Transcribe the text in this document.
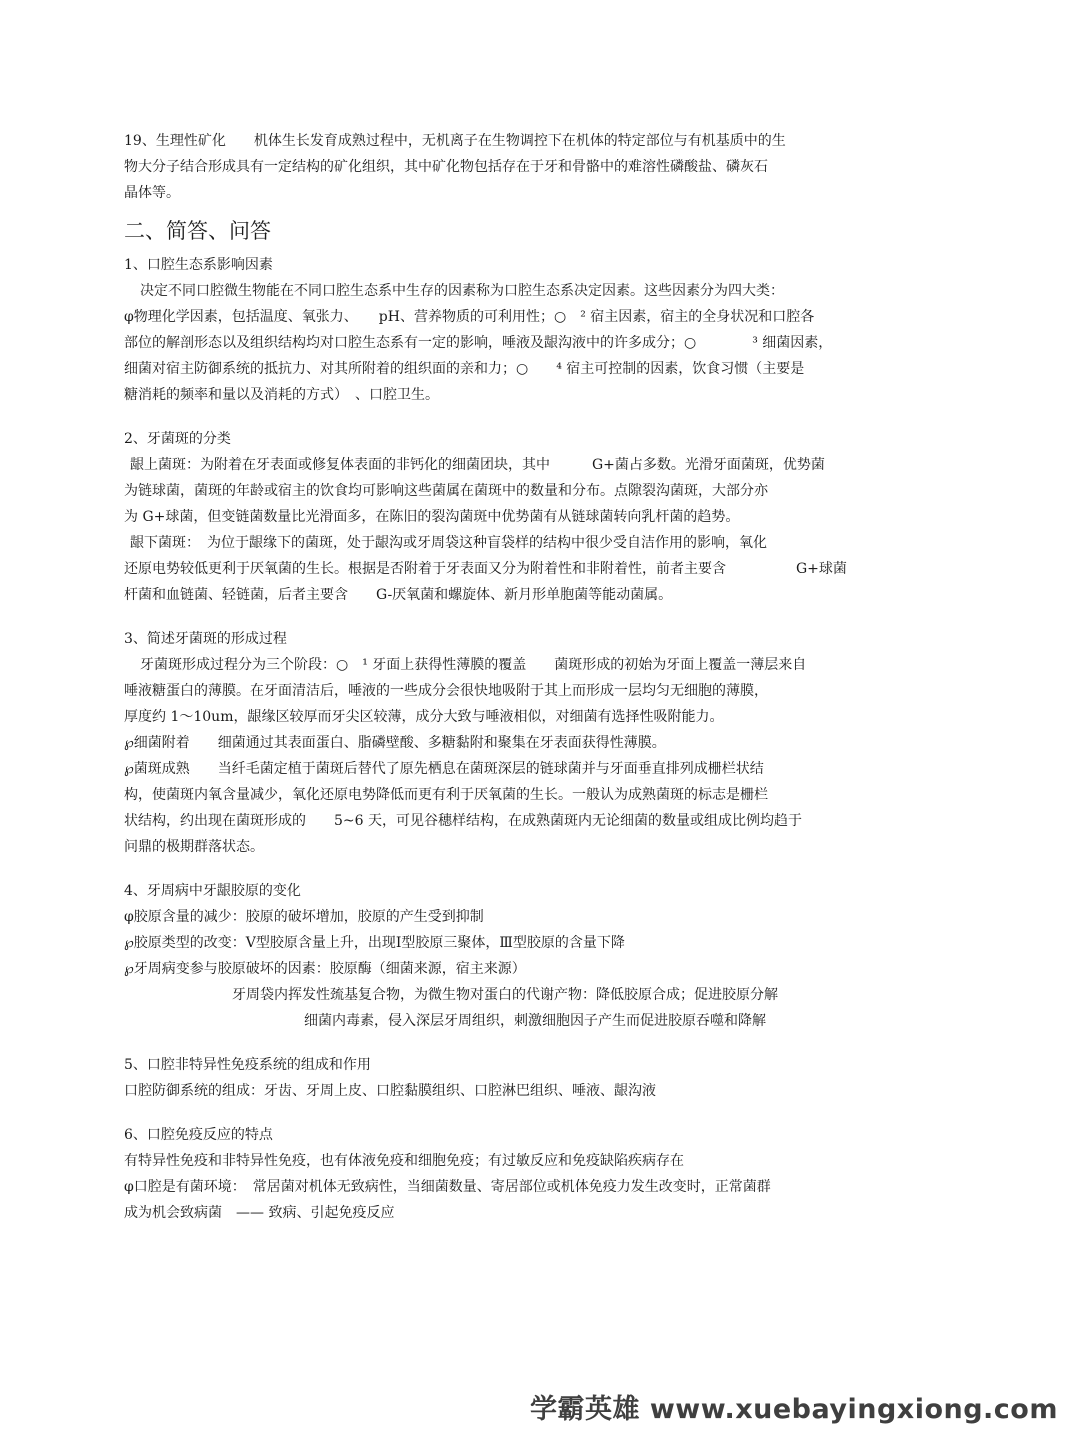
19、生理性矿化　　机体生长发育成熟过程中，无机离子在生物调控下在机体的特定部位与有机基质中的生
物大分子结合形成具有一定结构的矿化组织，其中矿化物包括存在于牙和骨骼中的难溶性磷酸盐、磷灰石
晶体等。
二、简答、问答
1、口腔生态系影响因素
决定不同口腔微生物能在不同口腔生态系中生存的因素称为口腔生态系决定因素。这些因素分为四大类：
φ物理化学因素，包括温度、氧张力、　　pH、营养物质的可利用性；○　² 宿主因素，宿主的全身状况和口腔各
部位的解剖形态以及组织结构均对口腔生态系有一定的影响，唾液及龈沟液中的许多成分；○　　　　³ 细菌因素，
细菌对宿主防御系统的抵抗力、对其所附着的组织面的亲和力；○　　⁴ 宿主可控制的因素，饮食习惯（主要是
糖消耗的频率和量以及消耗的方式）　、口腔卫生。
2、牙菌斑的分类
龈上菌斑：为附着在牙表面或修复体表面的非钙化的细菌团块，其中　　　G+菌占多数。光滑牙面菌斑，优势菌
为链球菌，菌斑的年龄或宿主的饮食均可影响这些菌属在菌斑中的数量和分布。点隙裂沟菌斑，大部分亦
为 G+球菌，但变链菌数量比光滑面多，在陈旧的裂沟菌斑中优势菌有从链球菌转向乳杆菌的趋势。
龈下菌斑：　为位于龈缘下的菌斑，处于龈沟或牙周袋这种盲袋样的结构中很少受自洁作用的影响，氧化
还原电势较低更利于厌氧菌的生长。根据是否附着于牙表面又分为附着性和非附着性，前者主要含　　　　　G+球菌
杆菌和血链菌、轻链菌，后者主要含　　G-厌氧菌和螺旋体、新月形单胞菌等能动菌属。
3、简述牙菌斑的形成过程
牙菌斑形成过程分为三个阶段：○　¹ 牙面上获得性薄膜的覆盖　　菌斑形成的初始为牙面上覆盖一薄层来自
唾液糖蛋白的薄膜。在牙面清洁后，唾液的一些成分会很快地吸附于其上而形成一层均匀无细胞的薄膜，
厚度约 1～10um，龈缘区较厚而牙尖区较薄，成分大致与唾液相似，对细菌有选择性吸附能力。
℘细菌附着　　细菌通过其表面蛋白、脂磷壁酸、多糖黏附和聚集在牙表面获得性薄膜。
℘菌斑成熟　　当纤毛菌定植于菌斑后替代了原先栖息在菌斑深层的链球菌并与牙面垂直排列成栅栏状结
构，使菌斑内氧含量减少，氧化还原电势降低而更有利于厌氧菌的生长。一般认为成熟菌斑的标志是栅栏
状结构，约出现在菌斑形成的　　5~6 天，可见谷穗样结构，在成熟菌斑内无论细菌的数量或组成比例均趋于
问鼎的极期群落状态。
4、牙周病中牙龈胶原的变化
φ胶原含量的减少：胶原的破坏增加，胶原的产生受到抑制
℘胶原类型的改变：Ⅴ型胶原含量上升，出现Ⅰ型胶原三聚体，Ⅲ型胶原的含量下降
℘牙周病变参与胶原破坏的因素：胶原酶（细菌来源，宿主来源）
牙周袋内挥发性巯基复合物，为微生物对蛋白的代谢产物：降低胶原合成；促进胶原分解
细菌内毒素，侵入深层牙周组织，刺激细胞因子产生而促进胶原吞噬和降解
5、口腔非特异性免疫系统的组成和作用
口腔防御系统的组成：牙齿、牙周上皮、口腔黏膜组织、口腔淋巴组织、唾液、龈沟液
6、口腔免疫反应的特点
有特异性免疫和非特异性免疫，也有体液免疫和细胞免疫；有过敏反应和免疫缺陷疾病存在
φ口腔是有菌环境：　常居菌对机体无致病性，当细菌数量、寄居部位或机体免疫力发生改变时，正常菌群
成为机会致病菌　—— 致病、引起免疫反应
学霸英雄 www.xuebayingxiong.com
